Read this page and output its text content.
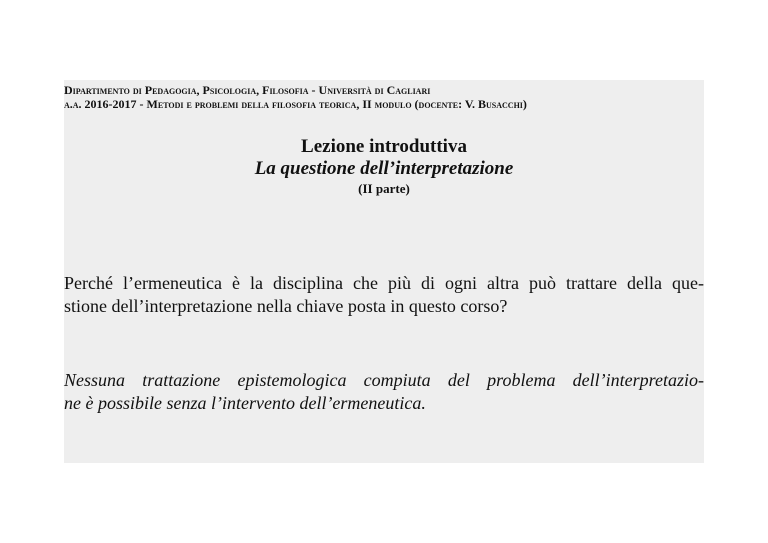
Dipartimento di Pedagogia, Psicologia, Filosofia - Università di Cagliari
a.a. 2016-2017 - Metodi e problemi della filosofia teorica, II modulo (docente: V. Busacchi)
Lezione introduttiva
La questione dell’interpretazione
(II parte)
Perché l’ermeneutica è la disciplina che più di ogni altra può trattare della que-
stione dell’interpretazione nella chiave posta in questo corso?
Nessuna trattazione epistemologica compiuta del problema dell’interpretazio-
ne è possibile senza l’intervento dell’ermeneutica.
